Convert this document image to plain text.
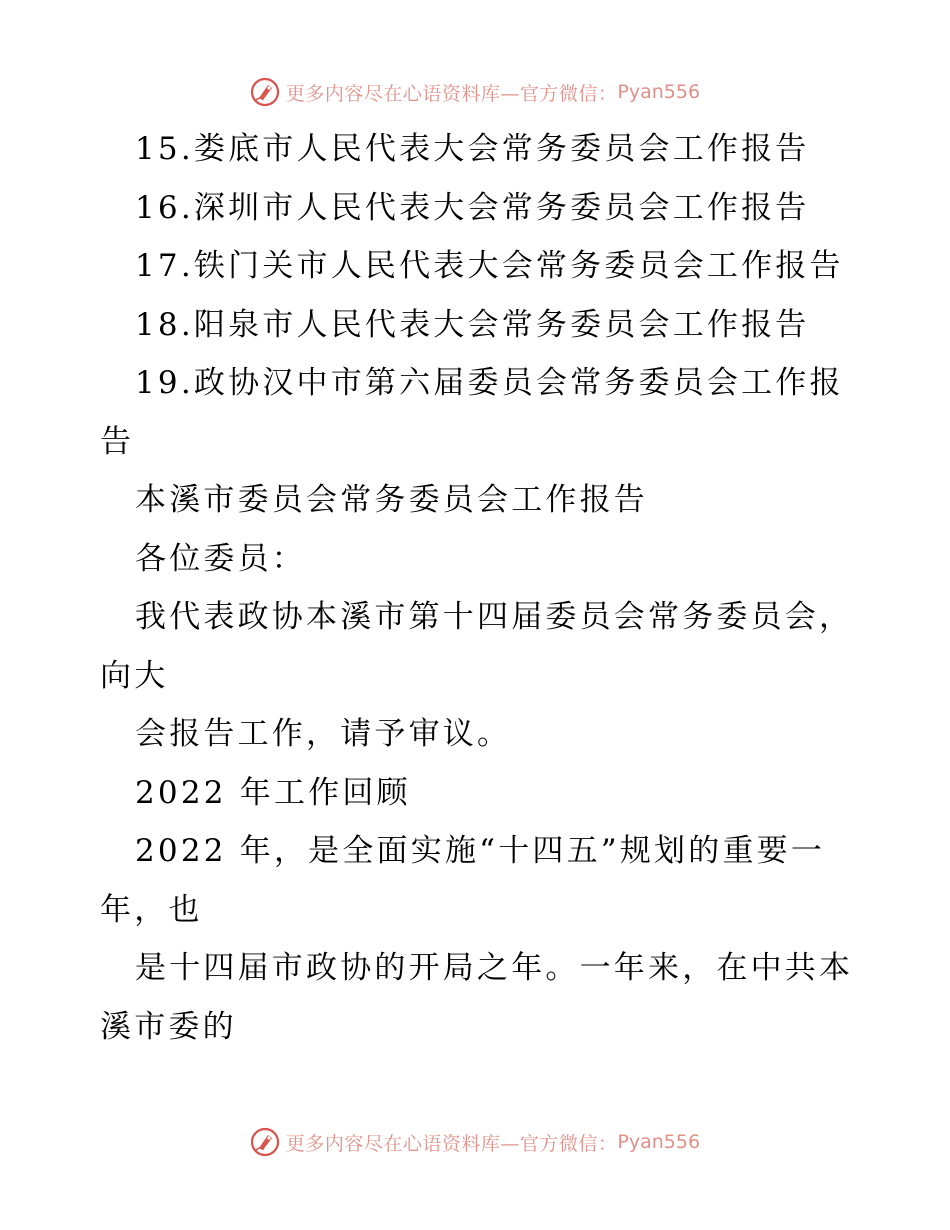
更多内容尽在心语资料库—官方微信： Pyan556
15.娄底市人民代表大会常务委员会工作报告
16.深圳市人民代表大会常务委员会工作报告
17.铁门关市人民代表大会常务委员会工作报告
18.阳泉市人民代表大会常务委员会工作报告
19.政协汉中市第六届委员会常务委员会工作报
告
本溪市委员会常务委员会工作报告
各位委员：
我代表政协本溪市第十四届委员会常务委员会，
向大
会报告工作，请予审议。
2022 年工作回顾
2022 年，是全面实施“十四五”规划的重要一
年，也
是十四届市政协的开局之年。一年来，在中共本
溪市委的
更多内容尽在心语资料库—官方微信： Pyan556
